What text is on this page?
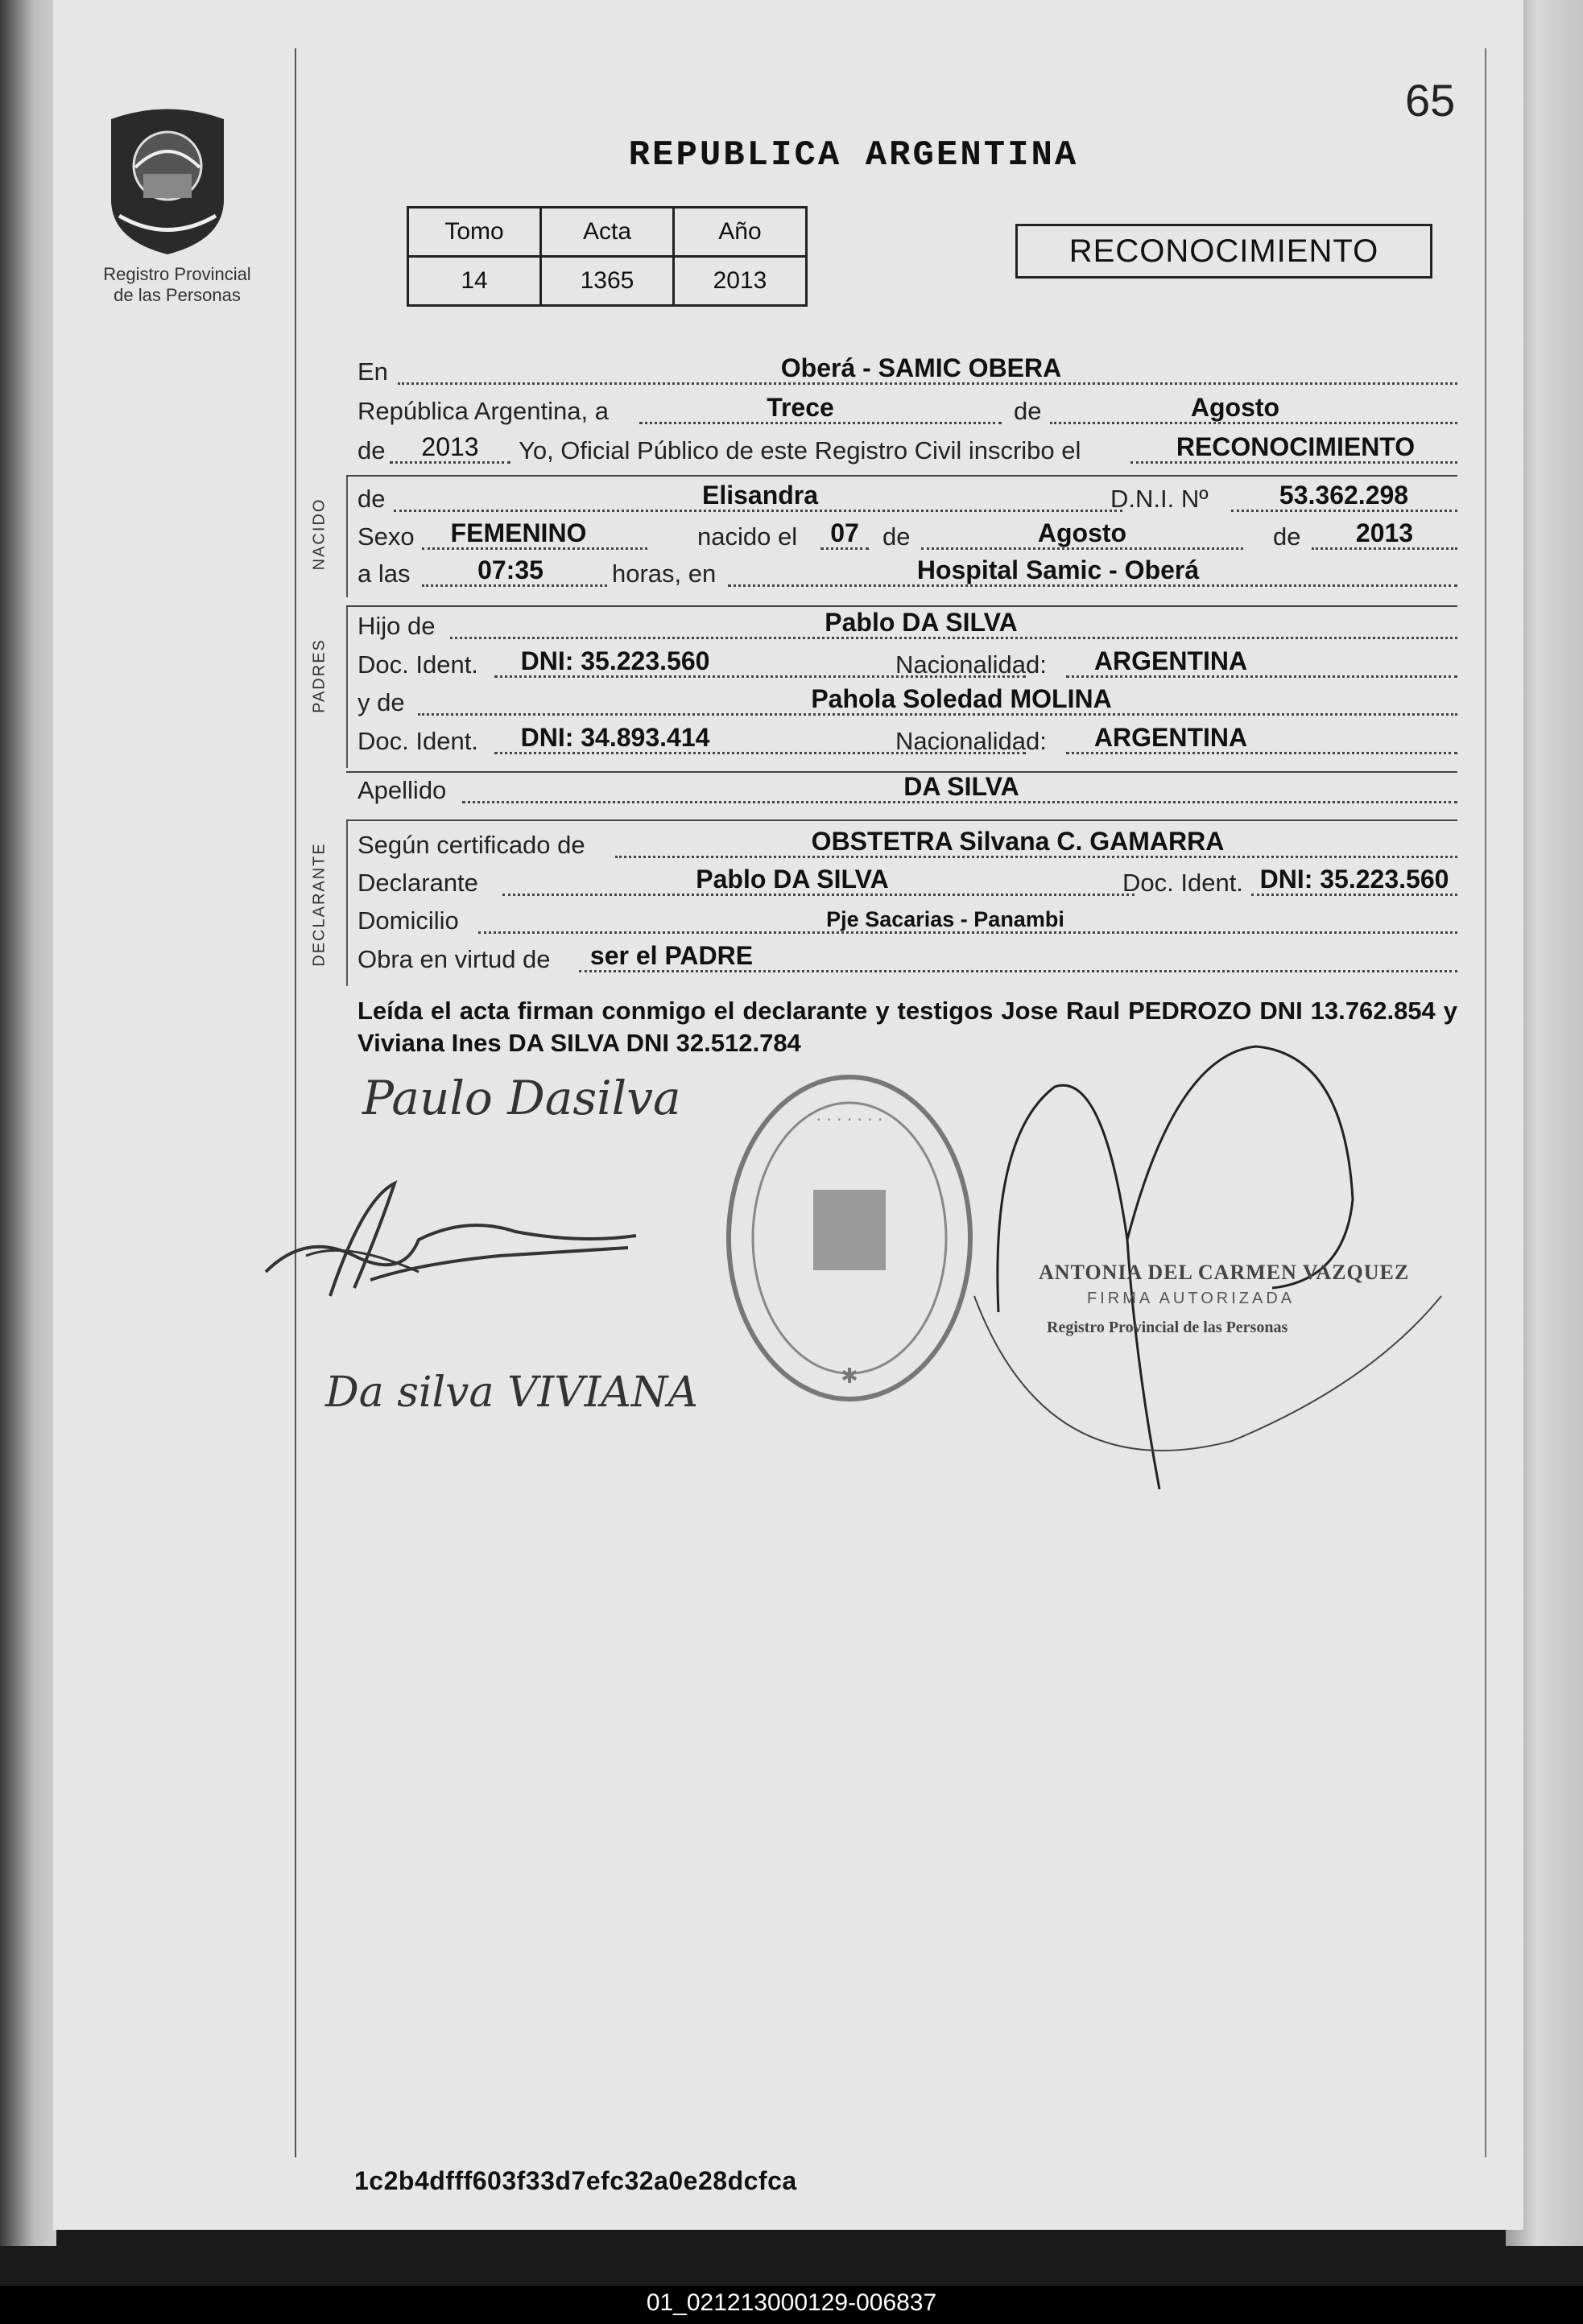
65
Registro Provincial
de las Personas
REPUBLICA ARGENTINA
Tomo	Acta	Año
14	1365	2013
RECONOCIMIENTO
En	Oberá - SAMIC OBERA
República Argentina, a	Trece	de	Agosto
de	2013	Yo, Oficial Público de este Registro Civil inscribo el	RECONOCIMIENTO
NACIDO de	Elisandra	D.N.I. Nº	53.362.298
Sexo	FEMENINO	nacido el	07 de	Agosto	de	2013
a las	07:35	horas, en	Hospital Samic - Oberá
PADRES
Hijo de	Pablo DA SILVA
Doc. Ident.	DNI: 35.223.560	Nacionalidad:	ARGENTINA
y de	Pahola Soledad MOLINA
Doc. Ident.	DNI: 34.893.414	Nacionalidad:	ARGENTINA
Apellido	DA SILVA
DECLARANTE Según certificado de	OBSTETRA Silvana C. GAMARRA
Declarante	Pablo DA SILVA	Doc. Ident. DNI: 35.223.560
Domicilio	Pje Sacarias - Panambi
Obra en virtud de ser el PADRE
Leída el acta firman conmigo el declarante y testigos Jose Raul PEDROZO DNI 13.762.854 y Viviana Ines DA SILVA DNI 32.512.784
Paulo Dasilva
Da silva VIVIANA
· · · · · · ·
✱
ANTONIA DEL CARMEN VAZQUEZ
FIRMA AUTORIZADA
Registro Provincial de las Personas
1c2b4dfff603f33d7efc32a0e28dcfca
01_021213000129-006837
